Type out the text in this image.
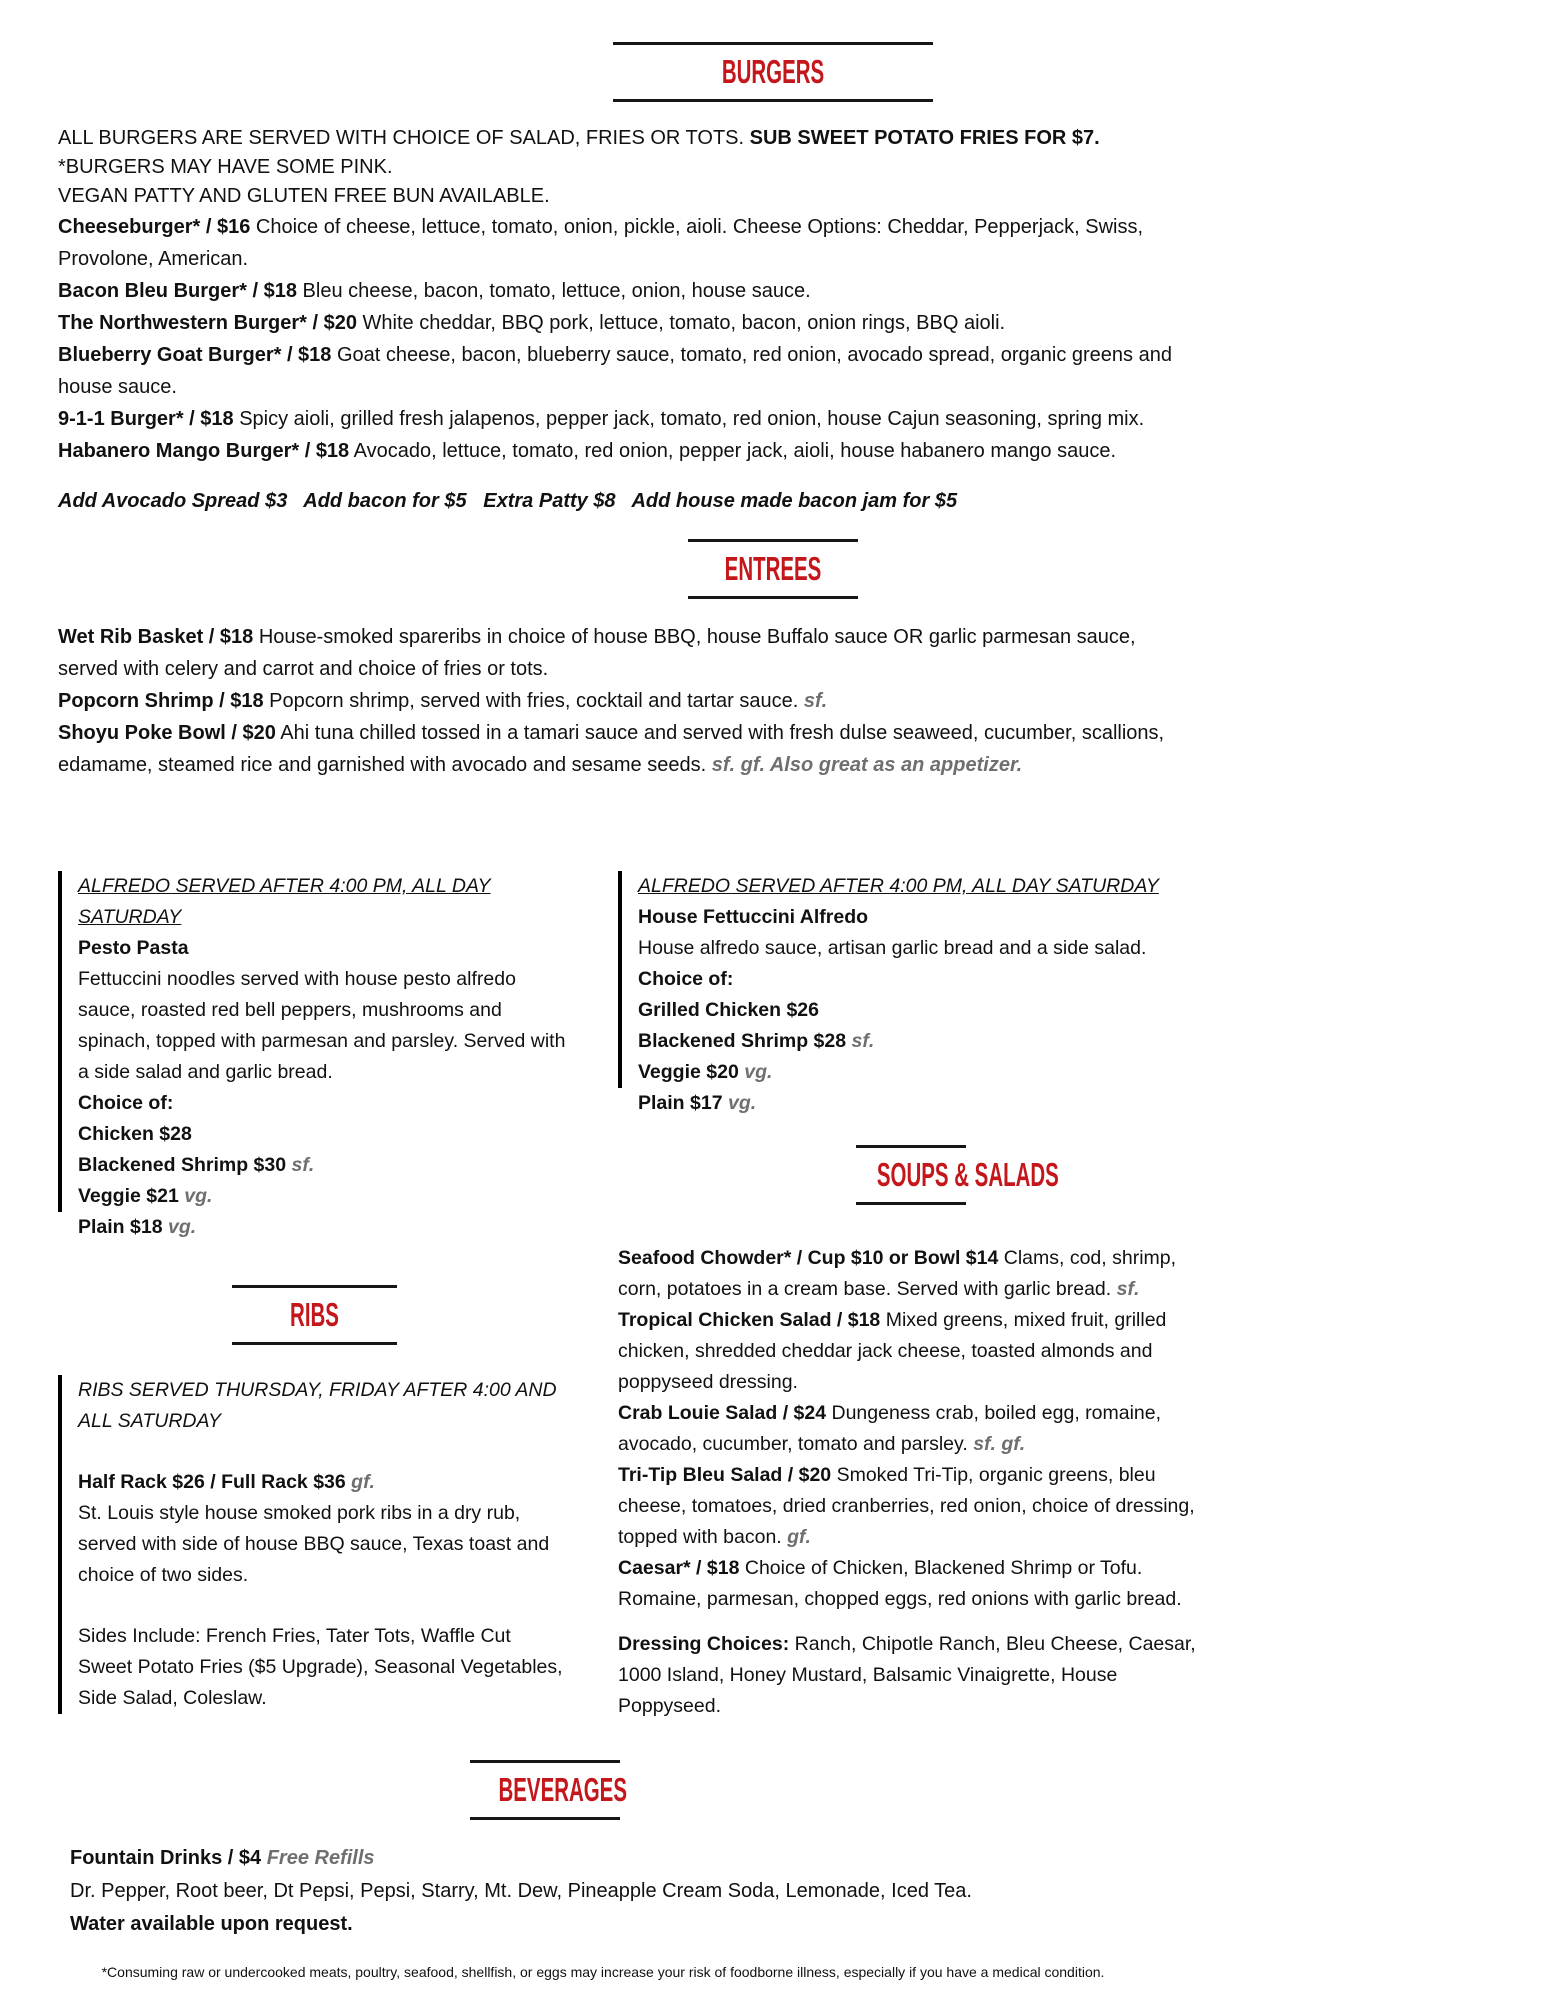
BURGERS

ALL BURGERS ARE SERVED WITH CHOICE OF SALAD, FRIES OR TOTS. SUB SWEET POTATO FRIES FOR $7.

*BURGERS MAY HAVE SOME PINK.

VEGAN PATTY AND GLUTEN FREE BUN AVAILABLE.

Cheeseburger* / $16 Choice of cheese, lettuce, tomato, onion, pickle, aioli. Cheese Options: Cheddar, Pepperjack, Swiss, Provolone, American.

Bacon Bleu Burger* / $18 Bleu cheese, bacon, tomato, lettuce, onion, house sauce.

The Northwestern Burger* / $20 White cheddar, BBQ pork, lettuce, tomato, bacon, onion rings, BBQ aioli.

Blueberry Goat Burger* / $18 Goat cheese, bacon, blueberry sauce, tomato, red onion, avocado spread, organic greens and house sauce.

9-1-1 Burger* / $18 Spicy aioli, grilled fresh jalapenos, pepper jack, tomato, red onion, house Cajun seasoning, spring mix.

Habanero Mango Burger* / $18 Avocado, lettuce, tomato, red onion, pepper jack, aioli, house habanero mango sauce.

Add Avocado Spread $3   Add bacon for $5   Extra Patty $8   Add house made bacon jam for $5

ENTREES

Wet Rib Basket / $18 House-smoked spareribs in choice of house BBQ, house Buffalo sauce OR garlic parmesan sauce, served with celery and carrot and choice of fries or tots.

Popcorn Shrimp / $18 Popcorn shrimp, served with fries, cocktail and tartar sauce. sf.

Shoyu Poke Bowl / $20 Ahi tuna chilled tossed in a tamari sauce and served with fresh dulse seaweed, cucumber, scallions, edamame, steamed rice and garnished with avocado and sesame seeds. sf. gf. Also great as an appetizer.

ALFREDO SERVED AFTER 4:00 PM, ALL DAY SATURDAY

Pesto Pasta

Fettuccini noodles served with house pesto alfredo sauce, roasted red bell peppers, mushrooms and spinach, topped with parmesan and parsley. Served with a side salad and garlic bread.

Choice of:

Chicken $28

Blackened Shrimp $30 sf.

Veggie $21 vg.

Plain $18 vg.

RIBS

RIBS SERVED THURSDAY, FRIDAY AFTER 4:00 AND ALL SATURDAY

Half Rack $26 / Full Rack $36 gf.

St. Louis style house smoked pork ribs in a dry rub, served with side of house BBQ sauce, Texas toast and choice of two sides.

Sides Include: French Fries, Tater Tots, Waffle Cut Sweet Potato Fries ($5 Upgrade), Seasonal Vegetables, Side Salad, Coleslaw.

ALFREDO SERVED AFTER 4:00 PM, ALL DAY SATURDAY

House Fettuccini Alfredo

House alfredo sauce, artisan garlic bread and a side salad.

Choice of:

Grilled Chicken $26

Blackened Shrimp $28 sf.

Veggie $20 vg.

Plain $17 vg.

SOUPS & SALADS

Seafood Chowder* / Cup $10 or Bowl $14 Clams, cod, shrimp, corn, potatoes in a cream base. Served with garlic bread. sf.

Tropical Chicken Salad / $18 Mixed greens, mixed fruit, grilled chicken, shredded cheddar jack cheese, toasted almonds and poppyseed dressing.

Crab Louie Salad / $24 Dungeness crab, boiled egg, romaine, avocado, cucumber, tomato and parsley. sf. gf.

Tri-Tip Bleu Salad / $20 Smoked Tri-Tip, organic greens, bleu cheese, tomatoes, dried cranberries, red onion, choice of dressing, topped with bacon. gf.

Caesar* / $18 Choice of Chicken, Blackened Shrimp or Tofu. Romaine, parmesan, chopped eggs, red onions with garlic bread.

Dressing Choices: Ranch, Chipotle Ranch, Bleu Cheese, Caesar, 1000 Island, Honey Mustard, Balsamic Vinaigrette, House Poppyseed.

BEVERAGES

Fountain Drinks / $4 Free Refills

Dr. Pepper, Root beer, Dt Pepsi, Pepsi, Starry, Mt. Dew, Pineapple Cream Soda, Lemonade, Iced Tea.

Water available upon request.

*Consuming raw or undercooked meats, poultry, seafood, shellfish, or eggs may increase your risk of foodborne illness, especially if you have a medical condition.
